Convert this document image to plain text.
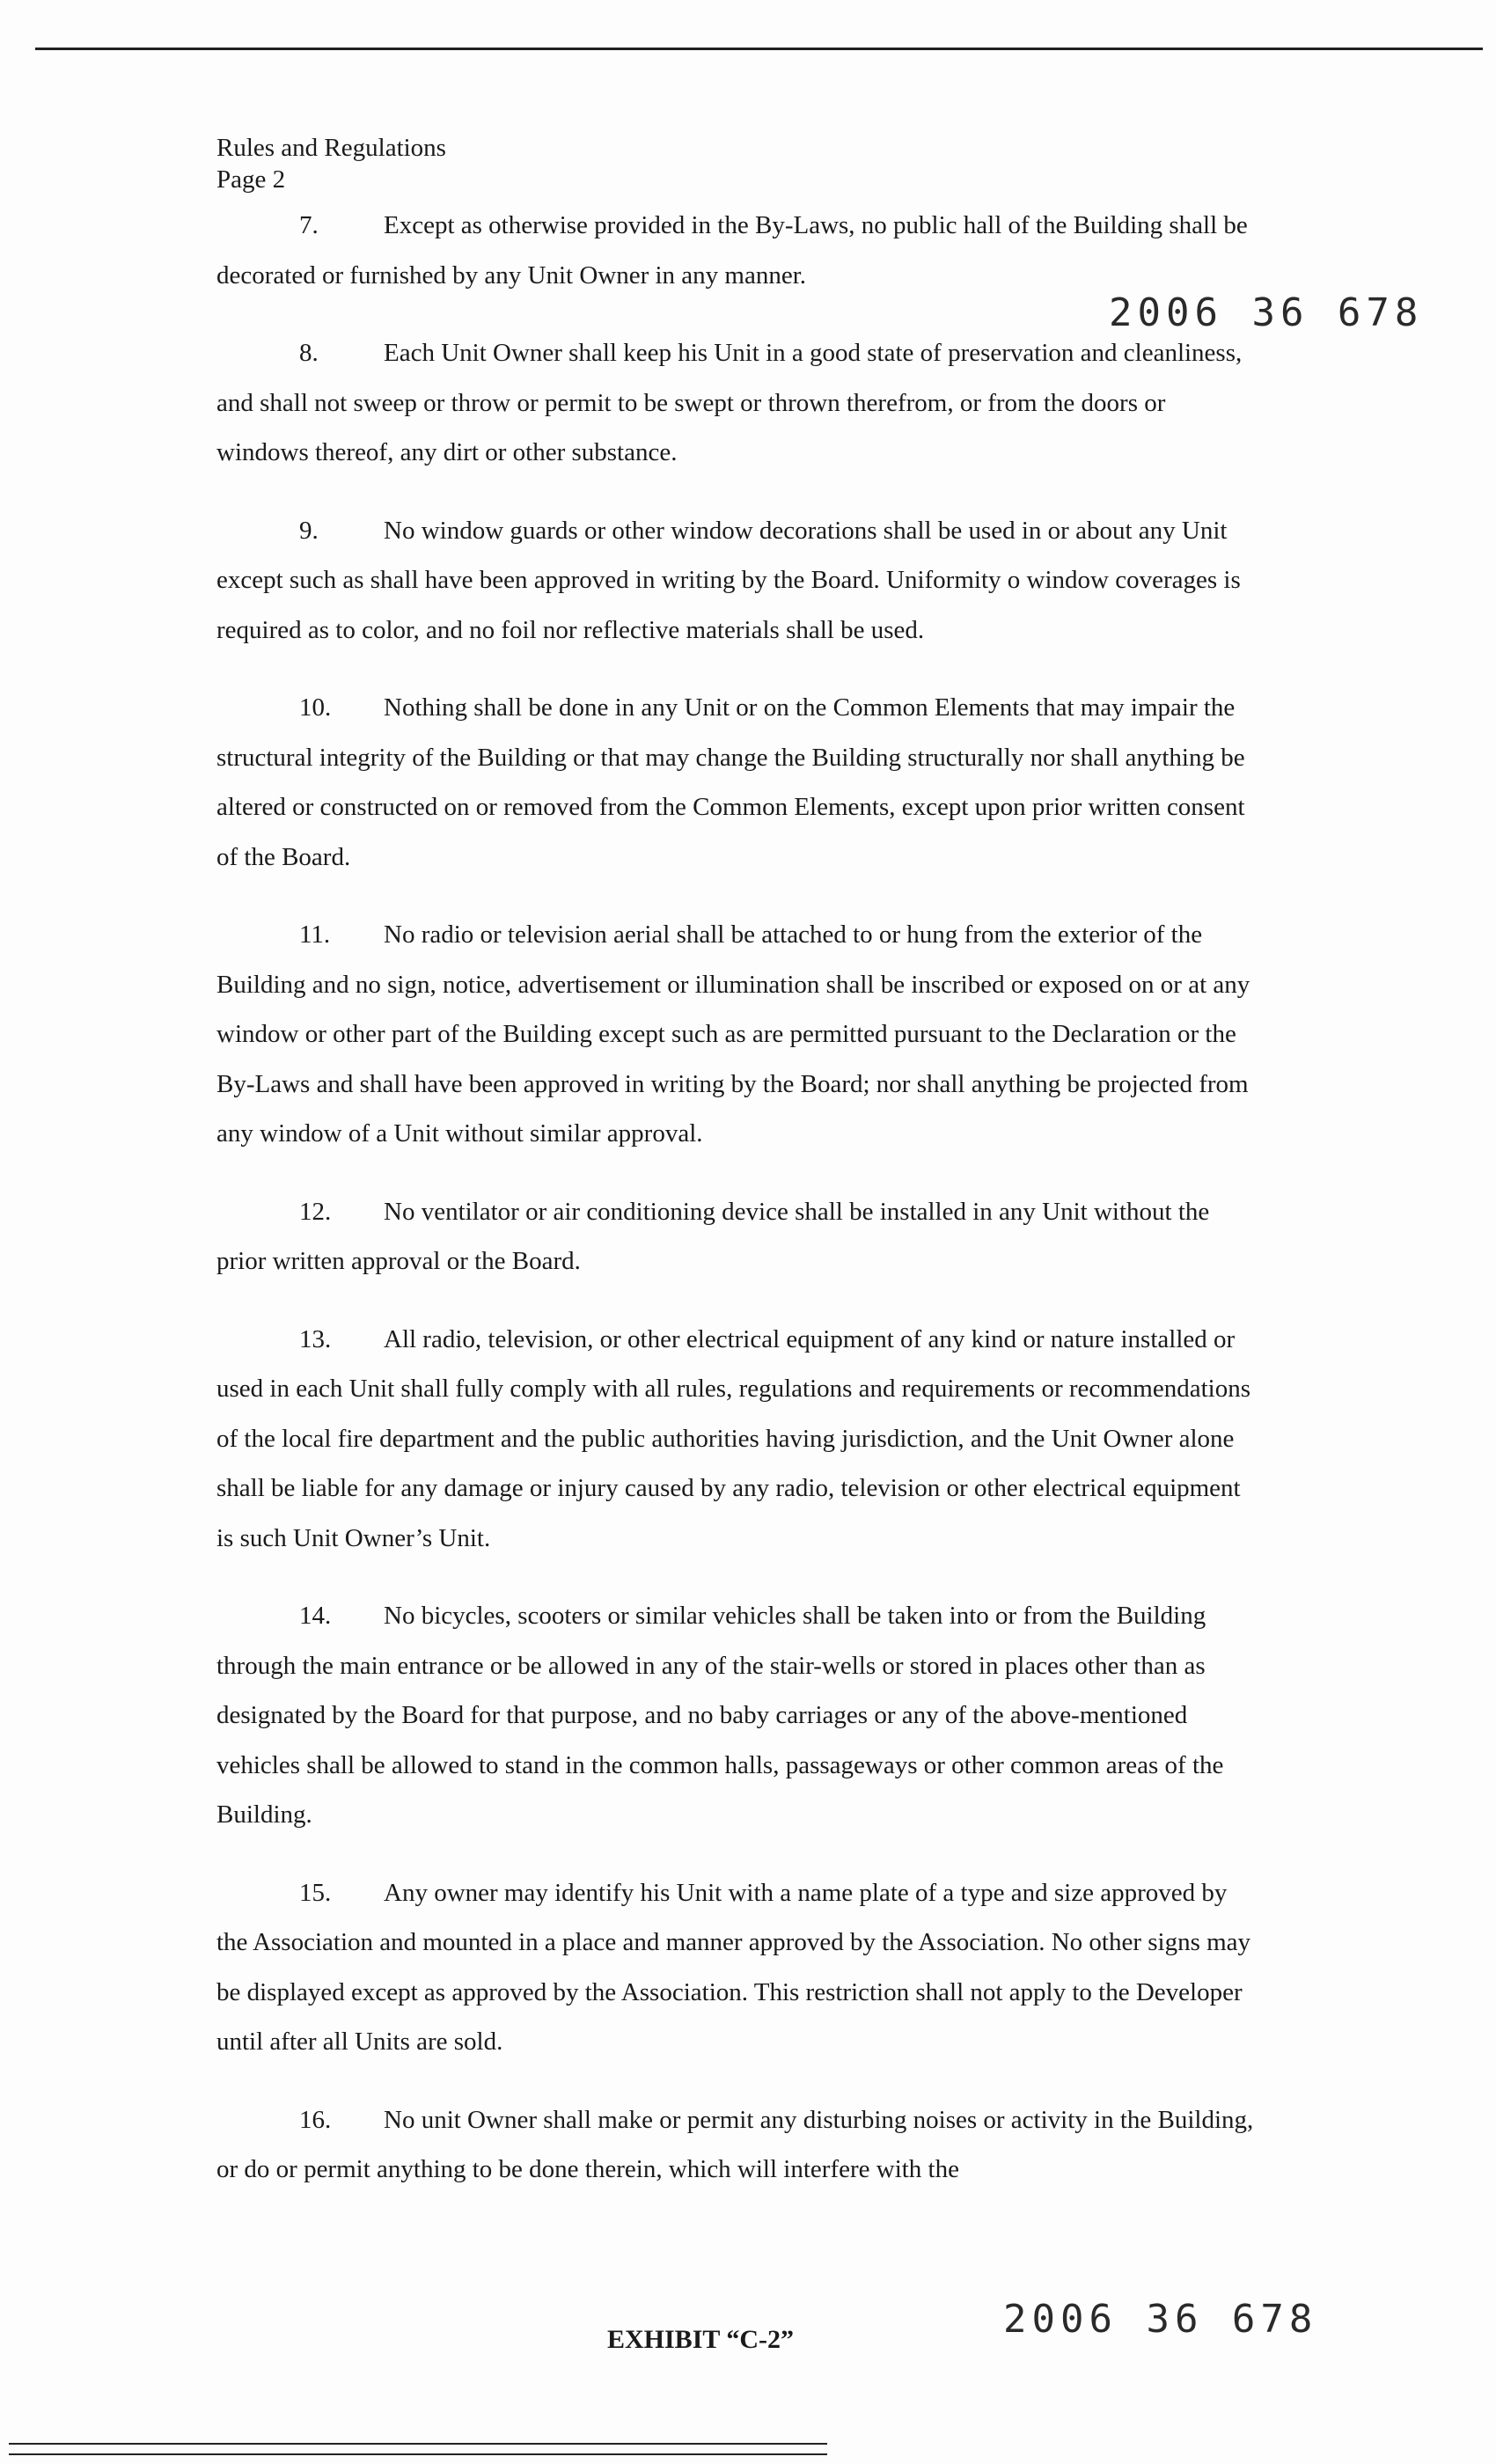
Rules and Regulations
Page 2
2006 36 678

7.	Except as otherwise provided in the By-Laws, no public hall of the Building shall be decorated or furnished by any Unit Owner in any manner.

8.	Each Unit Owner shall keep his Unit in a good state of preservation and cleanliness, and shall not sweep or throw or permit to be swept or thrown therefrom, or from the doors or windows thereof, any dirt or other substance.

9.	No window guards or other window decorations shall be used in or about any Unit except such as shall have been approved in writing by the Board. Uniformity o window coverages is required as to color, and no foil nor reflective materials shall be used.

10. Nothing shall be done in any Unit or on the Common Elements that may impair the structural integrity of the Building or that may change the Building structurally nor shall anything be altered or constructed on or removed from the Common Elements, except upon prior written consent of the Board.

11. No radio or television aerial shall be attached to or hung from the exterior of the Building and no sign, notice, advertisement or illumination shall be inscribed or exposed on or at any window or other part of the Building except such as are permitted pursuant to the Declaration or the By-Laws and shall have been approved in writing by the Board; nor shall anything be projected from any window of a Unit without similar approval.

12. No ventilator or air conditioning device shall be installed in any Unit without the prior written approval or the Board.

13. All radio, television, or other electrical equipment of any kind or nature installed or used in each Unit shall fully comply with all rules, regulations and requirements or recommendations of the local fire department and the public authorities having jurisdiction, and the Unit Owner alone shall be liable for any damage or injury caused by any radio, television or other electrical equipment is such Unit Owner’s Unit.

14. No bicycles, scooters or similar vehicles shall be taken into or from the Building through the main entrance or be allowed in any of the stair-wells or stored in places other than as designated by the Board for that purpose, and no baby carriages or any of the above-mentioned vehicles shall be allowed to stand in the common halls, passageways or other common areas of the Building.

15. Any owner may identify his Unit with a name plate of a type and size approved by the Association and mounted in a place and manner approved by the Association. No other signs may be displayed except as approved by the Association. This restriction shall not apply to the Developer until after all Units are sold.

16. No unit Owner shall make or permit any disturbing noises or activity in the Building, or do or permit anything to be done therein, which will interfere with the

2006 36 678
EXHIBIT “C-2”
